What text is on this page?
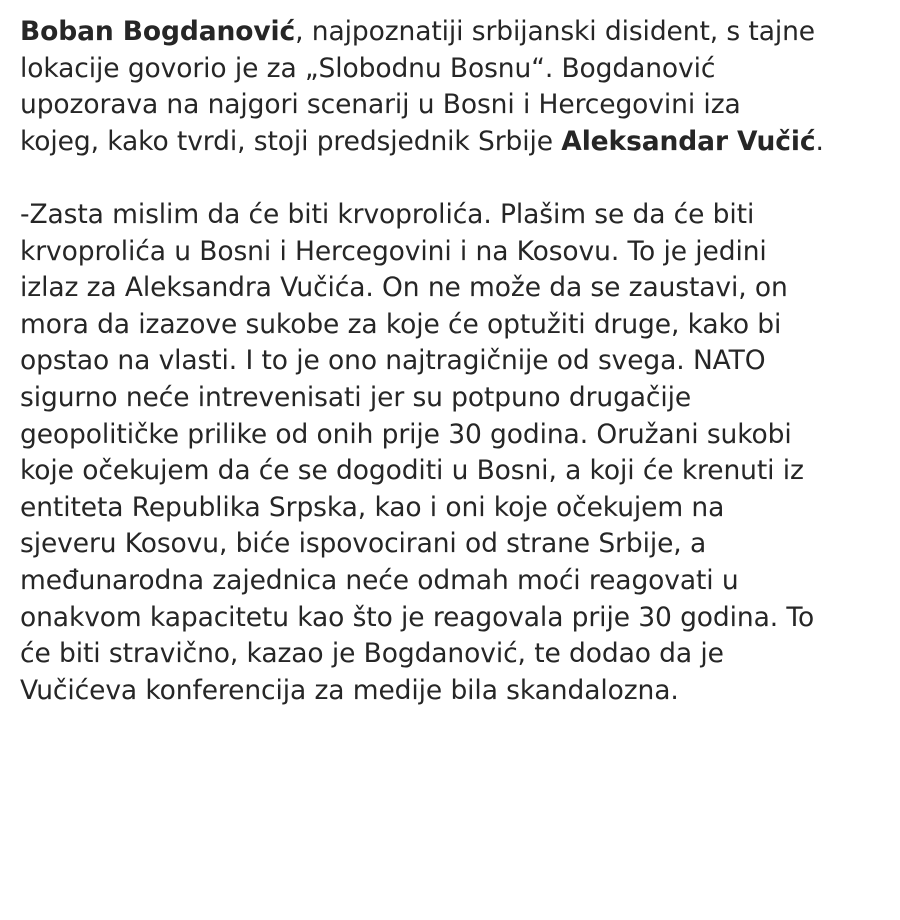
Boban Bogdanović, najpoznatiji srbijanski disident, s tajne
lokacije govorio je za „Slobodnu Bosnu“. Bogdanović
upozorava na najgori scenarij u Bosni i Hercegovini iza
kojeg, kako tvrdi, stoji predsjednik Srbije Aleksandar Vučić.
-Zasta mislim da će biti krvoprolića. Plašim se da će biti
krvoprolića u Bosni i Hercegovini i na Kosovu. To je jedini
izlaz za Aleksandra Vučića. On ne može da se zaustavi, on
mora da izazove sukobe za koje će optužiti druge, kako bi
opstao na vlasti. I to je ono najtragičnije od svega. NATO
sigurno neće intrevenisati jer su potpuno drugačije
geopolitičke prilike od onih prije 30 godina. Oružani sukobi
koje očekujem da će se dogoditi u Bosni, a koji će krenuti iz
entiteta Republika Srpska, kao i oni koje očekujem na
sjeveru Kosovu, biće ispovocirani od strane Srbije, a
međunarodna zajednica neće odmah moći reagovati u
onakvom kapacitetu kao što je reagovala prije 30 godina. To
će biti stravično, kazao je Bogdanović, te dodao da je
Vučićeva konferencija za medije bila skandalozna.
